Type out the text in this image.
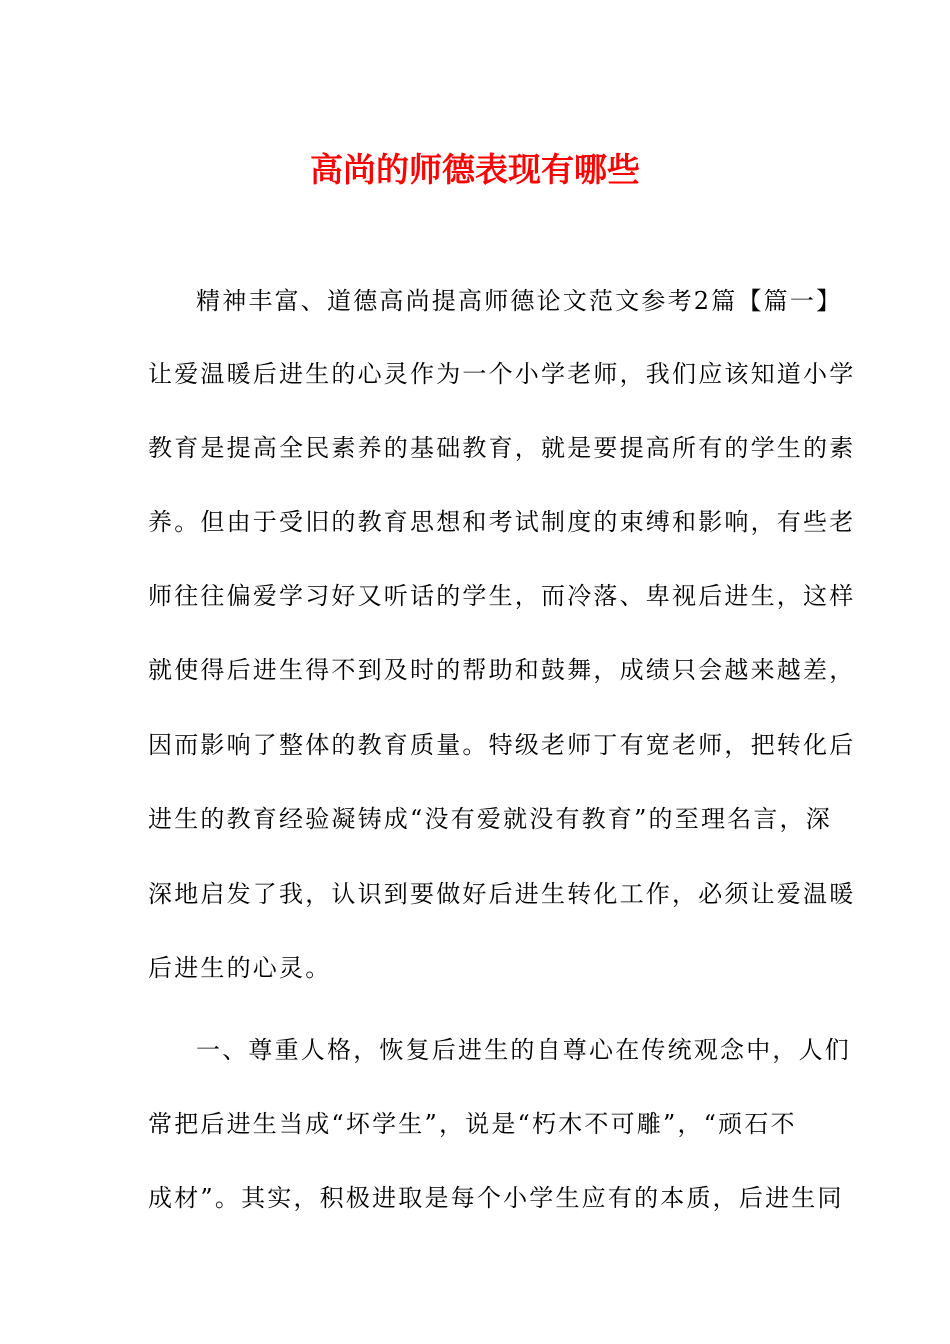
高尚的师德表现有哪些

精神丰富、道德高尚提高师德论文范文参考2篇【篇一】

让爱温暖后进生的心灵作为一个小学老师，我们应该知道小学

教育是提高全民素养的基础教育，就是要提高所有的学生的素

养。但由于受旧的教育思想和考试制度的束缚和影响，有些老

师往往偏爱学习好又听话的学生，而冷落、卑视后进生，这样

就使得后进生得不到及时的帮助和鼓舞，成绩只会越来越差，

因而影响了整体的教育质量。特级老师丁有宽老师，把转化后

进生的教育经验凝铸成“没有爱就没有教育”的至理名言，深

深地启发了我，认识到要做好后进生转化工作，必须让爱温暖

后进生的心灵。

一、尊重人格，恢复后进生的自尊心在传统观念中，人们

常把后进生当成“坏学生”，说是“朽木不可雕”，“顽石不

成材”。其实，积极进取是每个小学生应有的本质，后进生同
